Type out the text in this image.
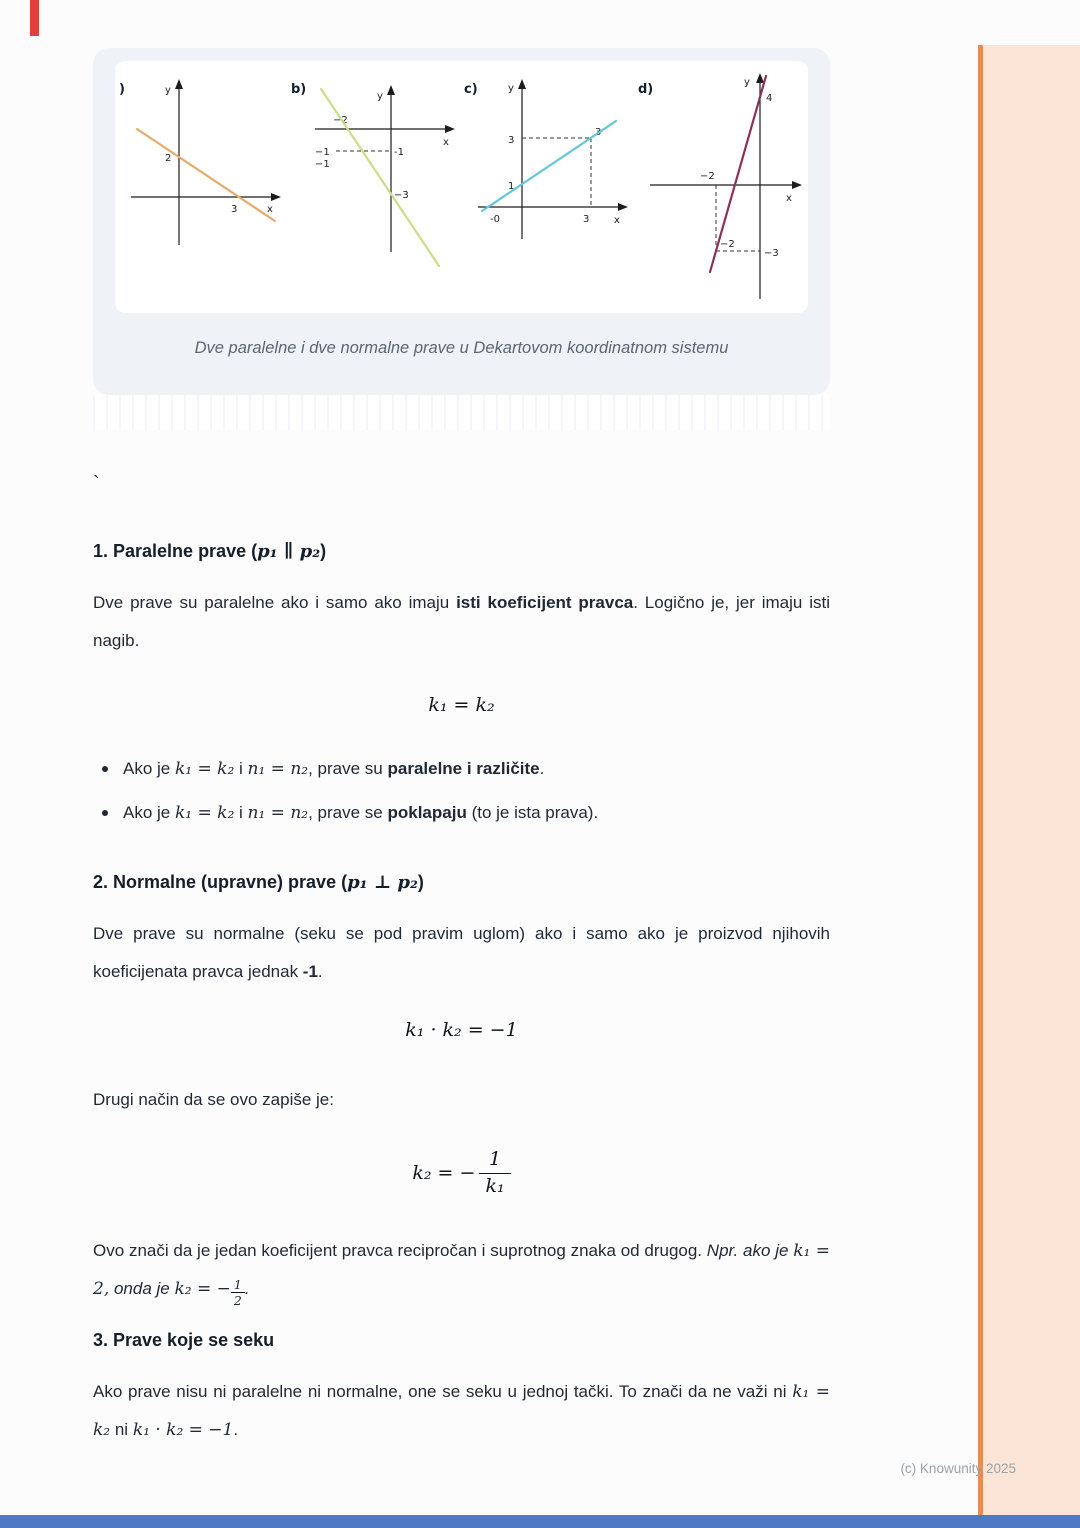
)	y
x
2
3
b)	y
x
−2
-1
−1
−1
−3
c)	y
x
3
1
-0
3
3
d)	y
x
4
−2
−2
−3
Dve paralelne i dve normalne prave u Dekartovom koordinatnom sistemu
`
1. Paralelne prave (p₁ ∥ p₂)

Dve prave su paralelne ako i samo ako imaju isti koeficijent pravca. Logično je, jer imaju isti nagib.

k₁ = k₂
Ako je k₁ = k₂ i n₁ = n₂, prave su paralelne i različite.
Ako je k₁ = k₂ i n₁ = n₂, prave se poklapaju (to je ista prava).
2. Normalne (upravne) prave (p₁ ⊥ p₂)

Dve prave su normalne (seku se pod pravim uglom) ako i samo ako je proizvod njihovih koeficijenata pravca jednak -1.

k₁ · k₂ = −1

Drugi način da se ovo zapiše je:

k₂ = − $\frac{1}{\text{k₁}}$

Ovo znači da je jedan koeficijent pravca recipročan i suprotnog znaka od drugog. Npr. ako je k₁ = 2, onda je k₂ = − $\frac{1}{2}$ .

3. Prave koje se seku

Ako prave nisu ni paralelne ni normalne, one se seku u jednoj tački. To znači da ne važi ni k₁ = k₂ ni k₁ · k₂ = −1.

(c) Knowunity 2025
